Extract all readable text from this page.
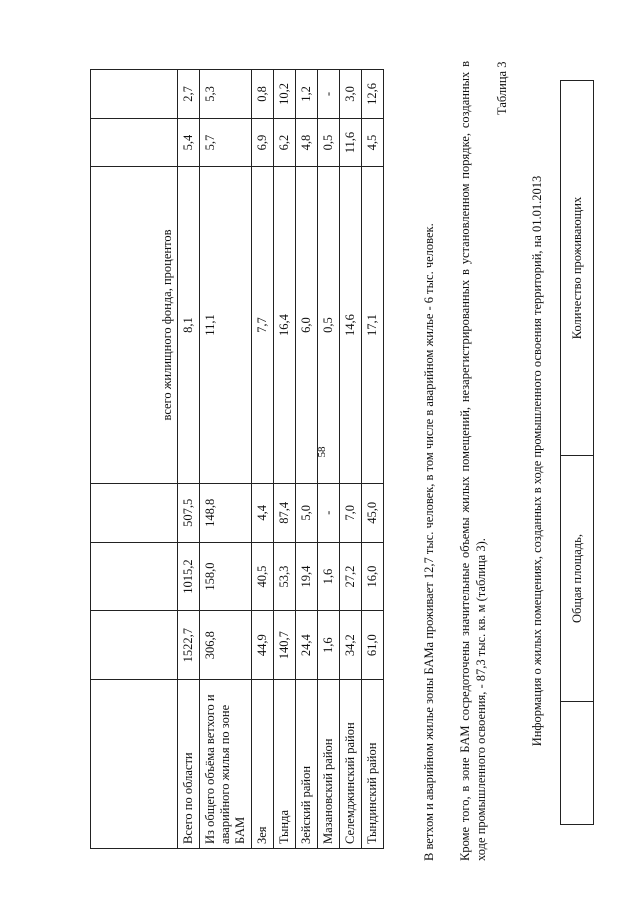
58
				всего жилищного фонда, процентов		
Всего по области	1522,7	1015,2	507,5	8,1	5,4	2,7
Из общего объёма ветхого и аварийного жилья по зоне БАМ	306,8	158,0	148,8	11,1	5,7	5,3
Зея	44,9	40,5	4,4	7,7	6,9	0,8
Тында	140,7	53,3	87,4	16,4	6,2	10,2
Зейский район	24,4	19,4	5,0	6,0	4,8	1,2
Мазановский район	1,6	1,6	-	0,5	0,5	-
Селемджинский район	34,2	27,2	7,0	14,6	11,6	3,0
Тындинский район	61,0	16,0	45,0	17,1	4,5	12,6

В ветхом и аварийном жилье зоны БАМа проживает 12,7 тыс. человек, в том числе в аварийном жилье - 6 тыс. человек. Кроме того, в зоне БАМ сосредоточены значительные объемы жилых помещений, незарегистрированных в установленном порядке, созданных в ходе промышленного освоения, - 87,3 тыс. кв. м (таблица 3).

Таблица 3
Информация о жилых помещениях, созданных в ходе промышленного освоения территорий, на 01.01.2013
	Общая площадь,	Количество проживающих
